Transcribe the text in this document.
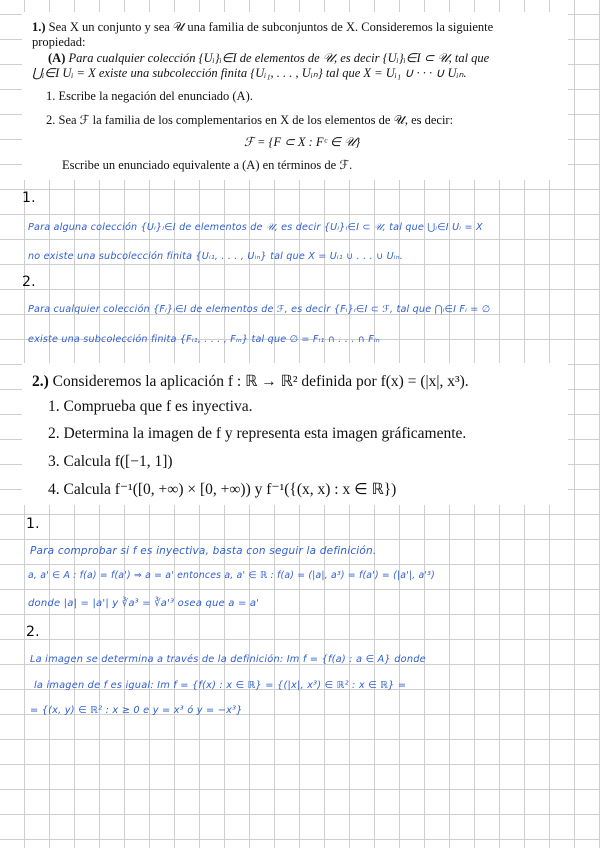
1.) Sea X un conjunto y sea 𝒰 una familia de subconjuntos de X. Consideremos la siguiente
propiedad:
(A) Para cualquier colección {Uᵢ}ᵢ∈I de elementos de 𝒰, es decir {Uᵢ}ᵢ∈I ⊂ 𝒰, tal que
⋃ᵢ∈I Uᵢ = X existe una subcolección finita {Uᵢ₁, . . . , Uᵢₙ} tal que X = Uᵢ₁ ∪ · · · ∪ Uᵢₙ.
1. Escribe la negación del enunciado (A).
2. Sea ℱ la familia de los complementarios en X de los elementos de 𝒰, es decir:
ℱ = {F ⊂ X : Fᶜ ∈ 𝒰}
Escribe un enunciado equivalente a (A) en términos de ℱ.
1.
Para alguna colección {Uᵢ}ᵢ∈I de elementos de 𝒰, es decir {Uᵢ}ᵢ∈I ⊂ 𝒰, tal que ⋃ᵢ∈I Uᵢ = X
no existe una subcolección finita {Uᵢ₁, . . . , Uᵢₙ} tal que X = Uᵢ₁ ∪ . . . ∪ Uᵢₙ.
2.
Para cualquier colección {Fᵢ}ᵢ∈I de elementos de ℱ, es decir {Fᵢ}ᵢ∈I ⊂ ℱ, tal que ⋂ᵢ∈I Fᵢ = ∅
existe una subcolección finita {Fᵢ₁, . . . , Fᵢₙ} tal que ∅ = Fᵢ₁ ∩ . . . ∩ Fᵢₙ
2.) Consideremos la aplicación f : ℝ → ℝ² definida por f(x) = (|x|, x³).
1. Comprueba que f es inyectiva.
2. Determina la imagen de f y representa esta imagen gráficamente.
3. Calcula f([−1, 1])
4. Calcula f⁻¹([0, +∞) × [0, +∞)) y f⁻¹({(x, x) : x ∈ ℝ})
1.
Para comprobar si f es inyectiva, basta con seguir la definición.
a, a' ∈ A : f(a) = f(a') ⇒ a = a' entonces a, a' ∈ ℝ : f(a) = (|a|, a³) = f(a') = (|a'|, a'³)
donde |a| = |a'| y ∛a³ = ∛a'³ osea que a = a'
2.
La imagen se determina a través de la definición: Im f = {f(a) : a ∈ A} donde
la imagen de f es igual: Im f = {f(x) : x ∈ ℝ} = {(|x|, x³) ∈ ℝ² : x ∈ ℝ} =
= {(x, y) ∈ ℝ² : x ≥ 0 e y = x³ ó y = −x³}
